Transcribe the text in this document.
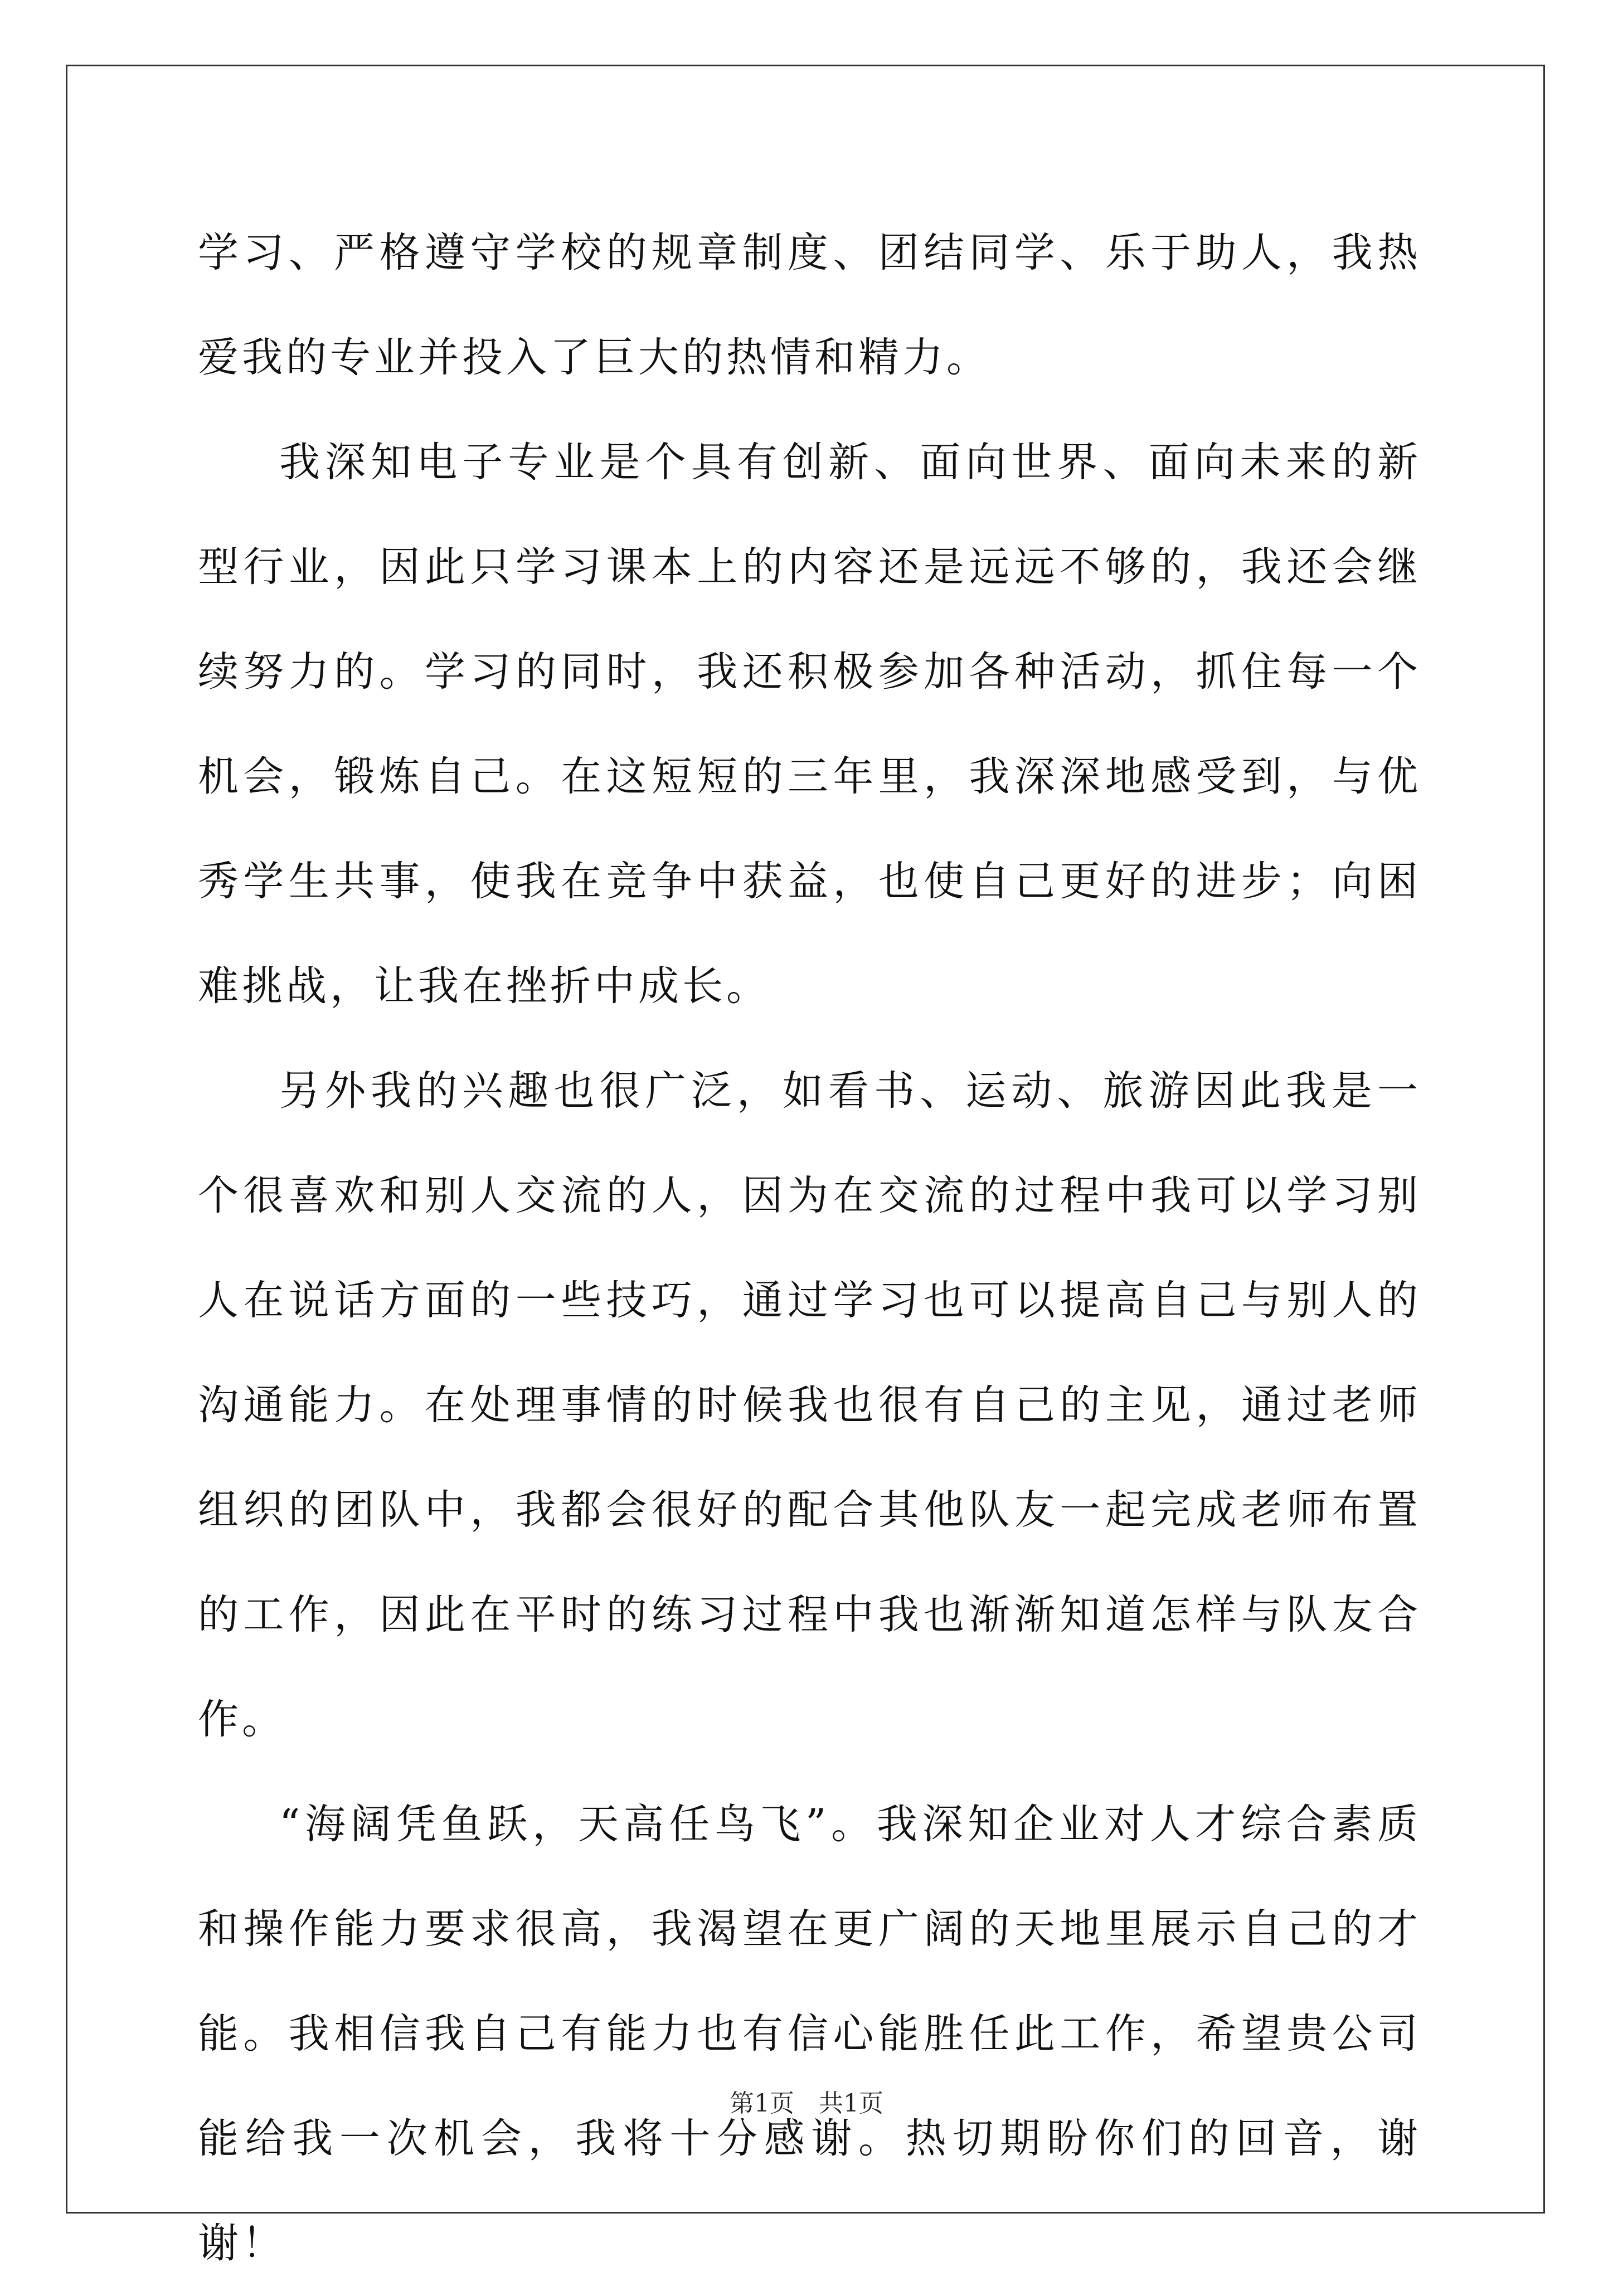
学习、严格遵守学校的规章制度、团结同学、乐于助人，我热爱我的专业并投入了巨大的热情和精力。

我深知电子专业是个具有创新、面向世界、面向未来的新型行业，因此只学习课本上的内容还是远远不够的，我还会继续努力的。学习的同时，我还积极参加各种活动，抓住每一个机会，锻炼自己。在这短短的三年里，我深深地感受到，与优秀学生共事，使我在竞争中获益，也使自己更好的进步；向困难挑战，让我在挫折中成长。

另外我的兴趣也很广泛，如看书、运动、旅游因此我是一个很喜欢和别人交流的人，因为在交流的过程中我可以学习别人在说话方面的一些技巧，通过学习也可以提高自己与别人的沟通能力。在处理事情的时候我也很有自己的主见，通过老师组织的团队中，我都会很好的配合其他队友一起完成老师布置的工作，因此在平时的练习过程中我也渐渐知道怎样与队友合作。

“海阔凭鱼跃，天高任鸟飞”。我深知企业对人才综合素质和操作能力要求很高，我渴望在更广阔的天地里展示自己的才能。我相信我自己有能力也有信心能胜任此工作，希望贵公司能给我一次机会，我将十分感谢。热切期盼你们的回音，谢谢！

第1页　共1页
